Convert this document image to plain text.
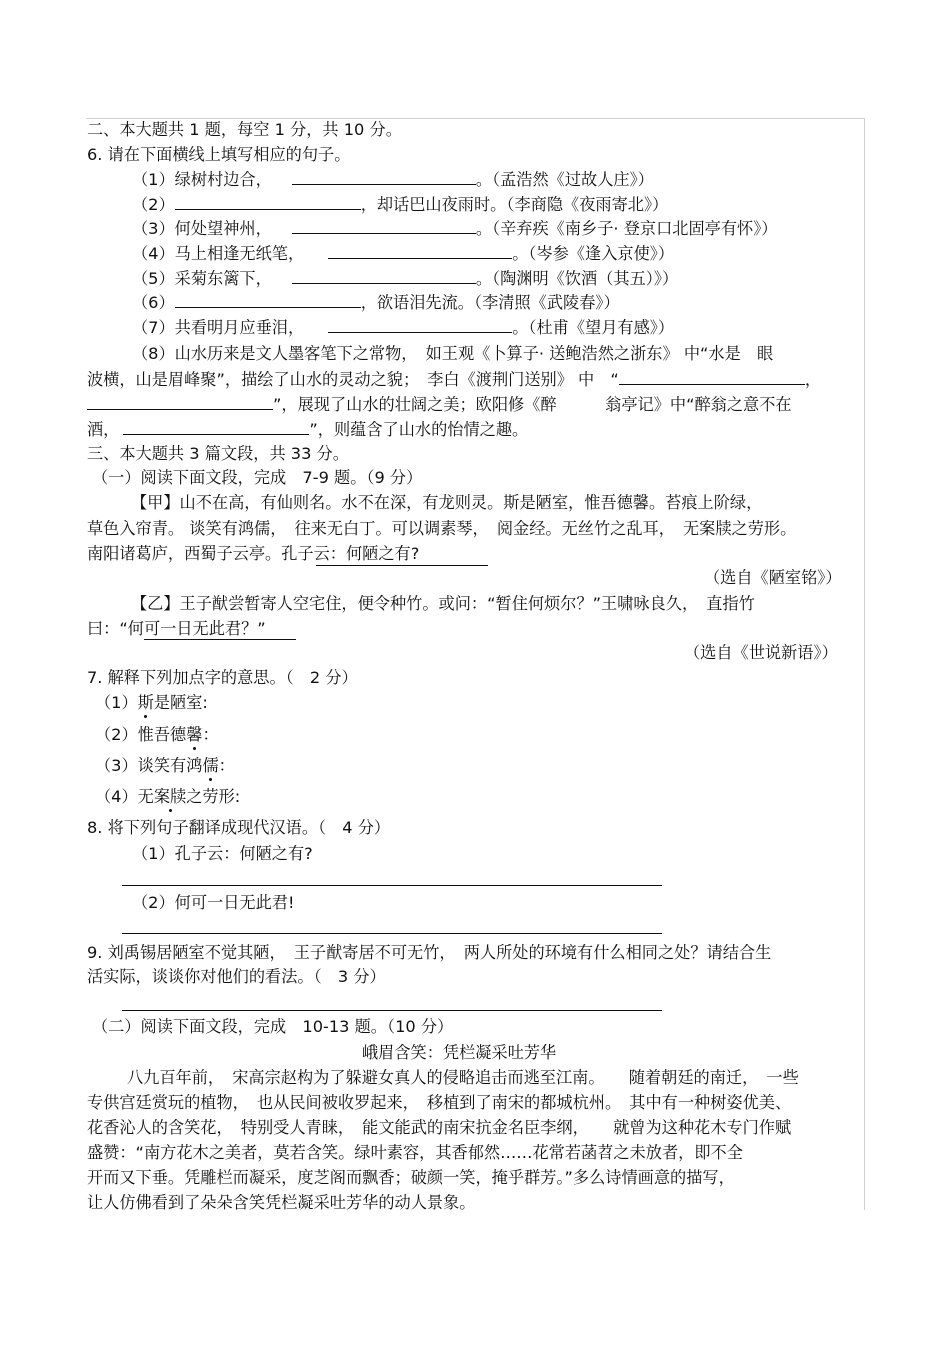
二、本大题共 1 题，每空 1 分，共 10 分。
6. 请在下面横线上填写相应的句子。
（1）绿树村边合，	。（孟浩然《过故人庄》）
（2）	，却话巴山夜雨时。（李商隐《夜雨寄北》）
（3）何处望神州，	。（辛弃疾《南乡子· 登京口北固亭有怀》）
（4）马上相逢无纸笔，	。（岑参《逢入京使》）
（5）采菊东篱下，	。（陶渊明《饮酒（其五）》）
（6）	，欲语泪先流。（李清照《武陵春》）
（7）共看明月应垂泪，	。（杜甫《望月有感》）
（8）山水历来是文人墨客笔下之常物，　如王观《卜算子· 送鲍浩然之浙东》 中“水是　眼
波横，山是眉峰聚”，描绘了山水的灵动之貌；　李白《渡荆门送别》 中　“	，
”，展现了山水的壮阔之美；欧阳修《醉　　　翁亭记》中“醉翁之意不在
酒，	”，则蕴含了山水的怡情之趣。
三、本大题共 3 篇文段，共 33 分。
（一）阅读下面文段，完成　7-9 题。（9 分）
【甲】山不在高，有仙则名。水不在深，有龙则灵。斯是陋室，惟吾德馨。苔痕上阶绿，
草色入帘青。 谈笑有鸿儒，　往来无白丁。可以调素琴，　阅金经。无丝竹之乱耳，　无案牍之劳形。
南阳诸葛庐，西蜀子云亭。孔子云：何陋之有?
（选自《陋室铭》）
【乙】王子猷尝暂寄人空宅住，便令种竹。或问：“暂住何烦尔？”王啸咏良久，　直指竹
曰：“何可一日无此君？”
（选自《世说新语》）
7. 解释下列加点字的意思。（　2 分）
（1）斯是陋室:
（2）惟吾德馨：
（3）谈笑有鸿儒：
（4）无案牍之劳形:
8. 将下列句子翻译成现代汉语。（　4 分）
（1）孔子云：何陋之有?
（2）何可一日无此君!
9. 刘禹锡居陋室不觉其陋，　王子猷寄居不可无竹，　两人所处的环境有什么相同之处？请结合生
活实际，谈谈你对他们的看法。（　3 分）
（二）阅读下面文段，完成　10-13 题。（10 分）
峨眉含笑：凭栏凝采吐芳华
八九百年前，　宋高宗赵构为了躲避女真人的侵略追击而逃至江南。　　随着朝廷的南迁，　一些
专供宫廷赏玩的植物，　也从民间被收罗起来，　移植到了南宋的都城杭州。　其中有一种树姿优美、
花香沁人的含笑花，　特别受人青睐，　能文能武的南宋抗金名臣李纲，　　就曾为这种花木专门作赋
盛赞：“南方花木之美者，莫若含笑。绿叶素容，其香郁然……花常若菡苕之未放者，即不全
开而又下垂。凭雕栏而凝采，度芝阁而飘香；破颜一笑，掩乎群芳。”多么诗情画意的描写，
让人仿佛看到了朵朵含笑凭栏凝采吐芳华的动人景象。
